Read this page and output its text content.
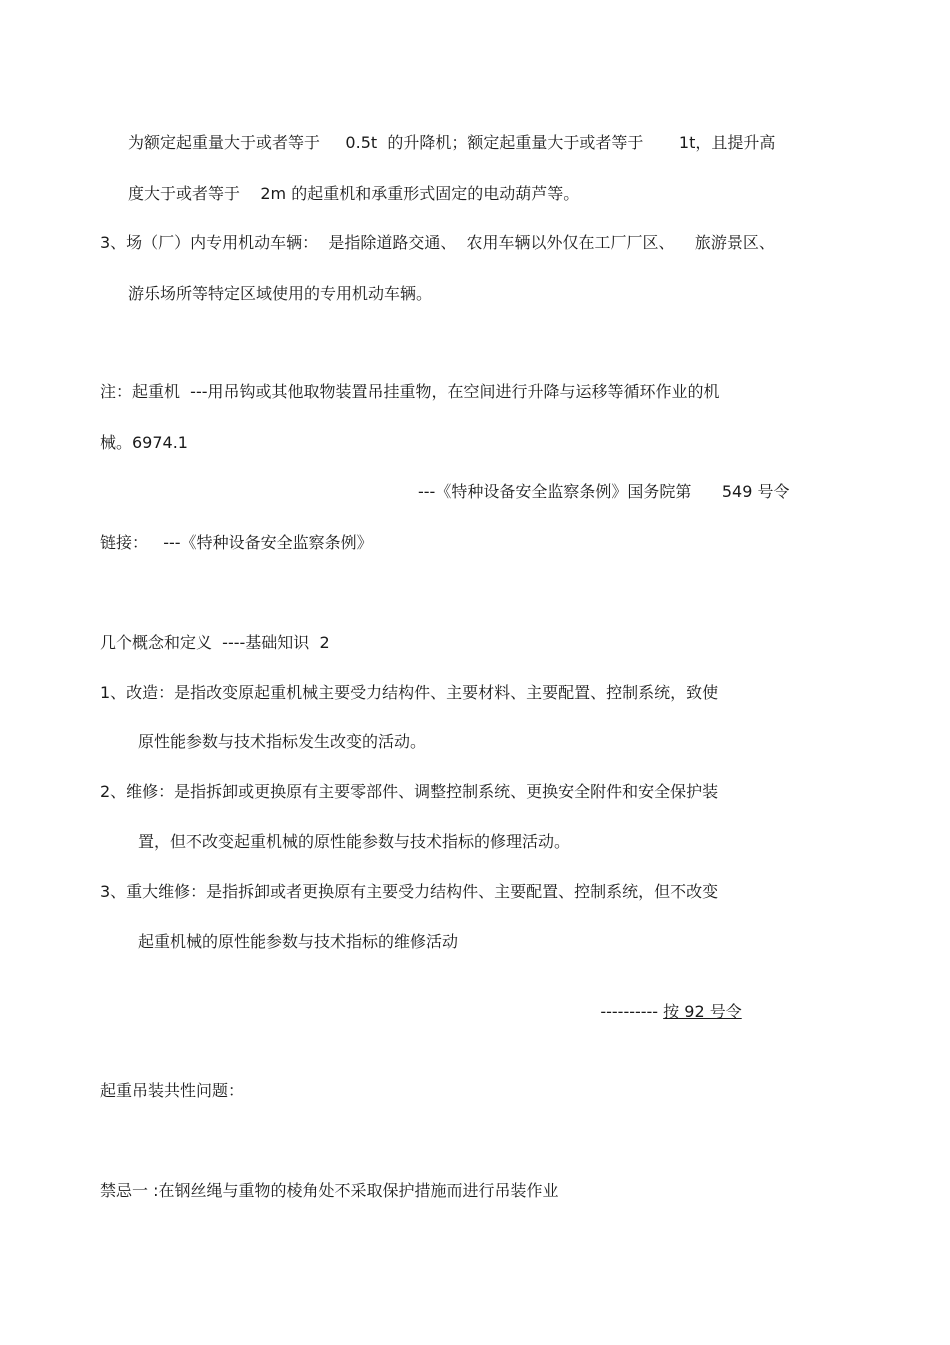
为额定起重量大于或者等于     0.5t  的升降机；额定起重量大于或者等于       1t，且提升高
度大于或者等于    2m 的起重机和承重形式固定的电动葫芦等。
3、场（厂）内专用机动车辆：  是指除道路交通、  农用车辆以外仅在工厂厂区、    旅游景区、
游乐场所等特定区域使用的专用机动车辆。
注：起重机  ---用吊钩或其他取物装置吊挂重物，在空间进行升降与运移等循环作业的机
械。6974.1
---《特种设备安全监察条例》国务院第      549 号令
链接：   ---《特种设备安全监察条例》
几个概念和定义  ----基础知识  2
1、改造：是指改变原起重机械主要受力结构件、主要材料、主要配置、控制系统，致使
原性能参数与技术指标发生改变的活动。
2、维修：是指拆卸或更换原有主要零部件、调整控制系统、更换安全附件和安全保护装
置，但不改变起重机械的原性能参数与技术指标的修理活动。
3、重大维修：是指拆卸或者更换原有主要受力结构件、主要配置、控制系统，但不改变
起重机械的原性能参数与技术指标的维修活动

---------- 按 92 号令

起重吊装共性问题：
禁忌一 :在钢丝绳与重物的棱角处不采取保护措施而进行吊装作业
